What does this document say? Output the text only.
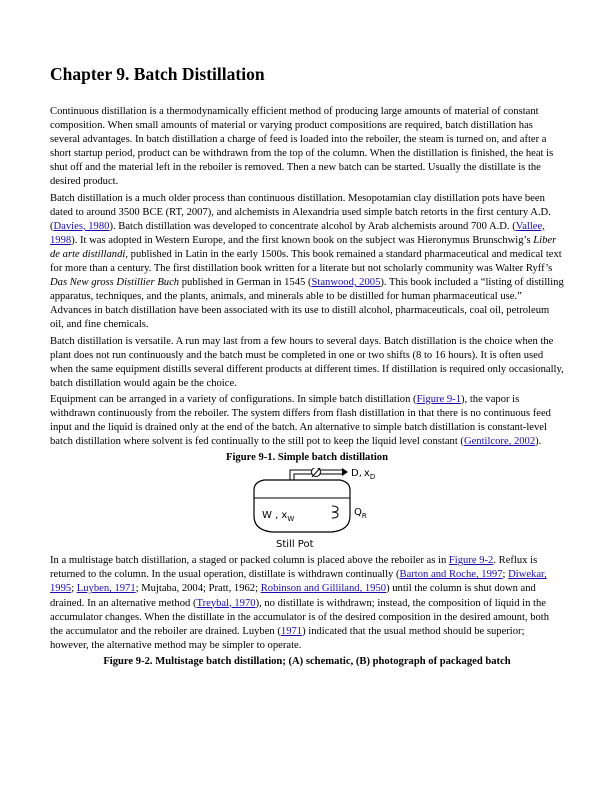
Chapter 9. Batch Distillation

Continuous distillation is a thermodynamically efficient method of producing large amounts of material of constant composition. When small amounts of material or varying product compositions are required, batch distillation has several advantages. In batch distillation a charge of feed is loaded into the reboiler, the steam is turned on, and after a short startup period, product can be withdrawn from the top of the column. When the distillation is finished, the heat is shut off and the material left in the reboiler is removed. Then a new batch can be started. Usually the distillate is the desired product.

Batch distillation is a much older process than continuous distillation. Mesopotamian clay distillation pots have been dated to around 3500 BCE (RT, 2007), and alchemists in Alexandria used simple batch retorts in the first century A.D. (Davies, 1980). Batch distillation was developed to concentrate alcohol by Arab alchemists around 700 A.D. (Vallee, 1998). It was adopted in Western Europe, and the first known book on the subject was Hieronymus Brunschwig’s Liber de arte distillandi, published in Latin in the early 1500s. This book remained a standard pharmaceutical and medical text for more than a century. The first distillation book written for a literate but not scholarly community was Walter Ryff’s Das New gross Distillier Buch published in German in 1545 (Stanwood, 2005). This book included a “listing of distilling apparatus, techniques, and the plants, animals, and minerals able to be distilled for human pharmaceutical use.” Advances in batch distillation have been associated with its use to distill alcohol, pharmaceuticals, coal oil, petroleum oil, and fine chemicals.

Batch distillation is versatile. A run may last from a few hours to several days. Batch distillation is the choice when the plant does not run continuously and the batch must be completed in one or two shifts (8 to 16 hours). It is often used when the same equipment distills several different products at different times. If distillation is required only occasionally, batch distillation would again be the choice.

Equipment can be arranged in a variety of configurations. In simple batch distillation (Figure 9-1), the vapor is withdrawn continuously from the reboiler. The system differs from flash distillation in that there is no continuous feed input and the liquid is drained only at the end of the batch. An alternative to simple batch distillation is constant-level batch distillation where solvent is fed continually to the still pot to keep the liquid level constant (Gentilcore, 2002).

Figure 9-1. Simple batch distillation
D, $x_D$
W , $x_W$
$Q_R$
Still Pot

In a multistage batch distillation, a staged or packed column is placed above the reboiler as in Figure 9-2. Reflux is returned to the column. In the usual operation, distillate is withdrawn continually (Barton and Roche, 1997; Diwekar, 1995; Luyben, 1971; Mujtaba, 2004; Pratt, 1962; Robinson and Gilliland, 1950) until the column is shut down and drained. In an alternative method (Treybal, 1970), no distillate is withdrawn; instead, the composition of liquid in the accumulator changes. When the distillate in the accumulator is of the desired composition in the desired amount, both the accumulator and the reboiler are drained. Luyben (1971) indicated that the usual method should be superior; however, the alternative method may be simpler to operate.

Figure 9-2. Multistage batch distillation; (A) schematic, (B) photograph of packaged batch
